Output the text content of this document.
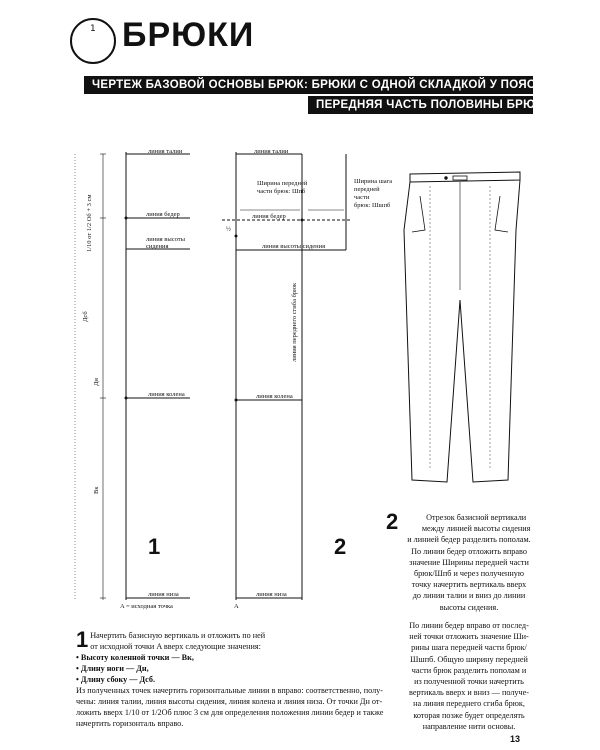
1 БРЮКИ
ЧЕРТЕЖ БАЗОВОЙ ОСНОВЫ БРЮК: БРЮКИ С ОДНОЙ СКЛАДКОЙ У ПОЯСА –
ПЕРЕДНЯЯ ЧАСТЬ ПОЛОВИНЫ БРЮК
линия талии
линия бедер
линия высоты
сидения
линия колена
линия низа
A = исходная точка
1/10 от 1/2 Об + 3 см
Дсб
Дн
Вк
1
линия талии
Ширина передней
части брюк: Шпб
Ширина шага
передней
части
брюк: Шшпб
линия бедер
½
линия высоты сидения
линия колена
линия низа
A
линия переднего сгиба брюк
2
2	Отрезок базисной вертикали
между линией высоты сидения
и линией бедер разделить пополам.
По линии бедер отложить вправо
значение Ширины передней части
брюк/Шпб и через полученную
точку начертить вертикаль вверх
до линии талии и вниз до линии
высоты сидения.
По линии бедер вправо от послед-
ней точки отложить значение Ши-
рины шага передней части брюк/
Шшпб. Общую ширину передней
части брюк разделить пополам и
из полученной точки начертить
вертикаль вверх и вниз — получе-
на линия переднего сгиба брюк,
которая позже будет определять
направление нити основы.
1 Начертить базисную вертикаль и отложить по ней
от исходной точки A вверх следующие значения:
• Высоту коленной точки — Вк,
• Длину ноги — Дн,
• Длину сбоку — Дсб.
Из полученных точек начертить горизонтальные линии в вправо: соответственно, полу-
чены: линия талии, линия высоты сидения, линия колена и линия низа. От точки Дн от-
ложить вверх 1/10 от 1/2Об плюс 3 см для определения положения линии бедер и также
начертить горизонталь вправо.
13
